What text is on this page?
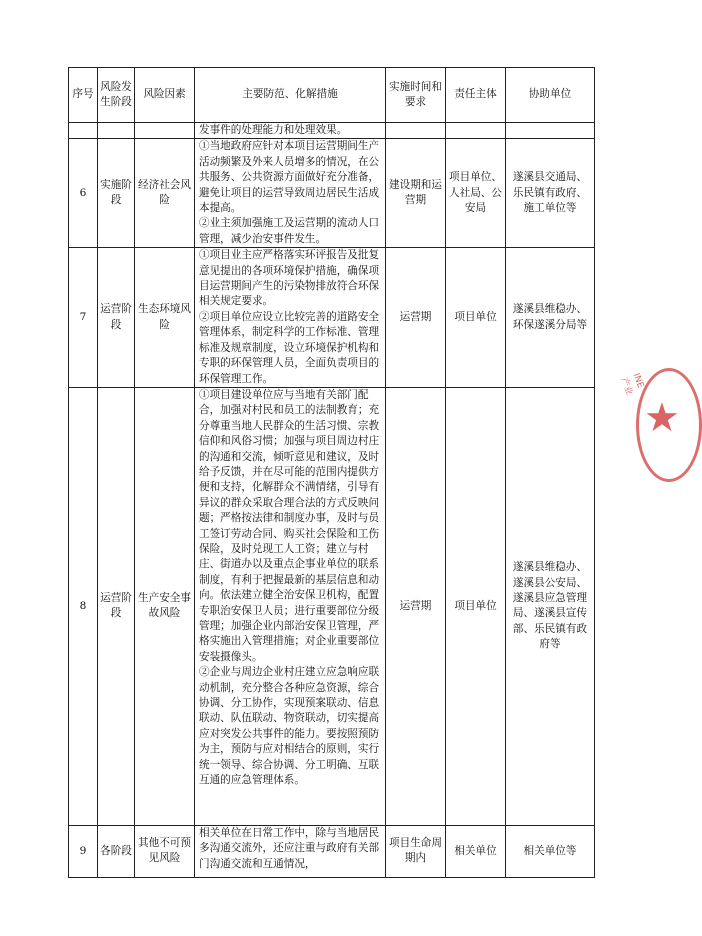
序号	风险发生阶段	风险因素	主要防范、化解措施	实施时间和要求	责任主体	协助单位

			发事件的处理能力和处理效果。			

6	实施阶段	经济社会风险	①当地政府应针对本项目运营期间生产活动频繁及外来人员增多的情况，在公共服务、公共资源方面做好充分准备，避免让项目的运营导致周边居民生活成本提高。

②业主须加强施工及运营期的流动人口管理，减少治安事件发生。	建设期和运营期	项目单位、人社局、公安局	遂溪县交通局、乐民镇有政府、施工单位等
7	运营阶段	生态环境风险	①项目业主应严格落实环评报告及批复意见提出的各项环境保护措施，确保项目运营期间产生的污染物排放符合环保相关规定要求。

②项目单位应设立比较完善的道路安全管理体系，制定科学的工作标准、管理标准及规章制度，设立环境保护机构和专职的环保管理人员，全面负责项目的环保管理工作。	运营期	项目单位	遂溪县维稳办、环保遂溪分局等
8	运营阶段	生产安全事故风险	①项目建设单位应与当地有关部门配合，加强对村民和员工的法制教育；充分尊重当地人民群众的生活习惯、宗教信仰和风俗习惯；加强与项目周边村庄的沟通和交流，倾听意见和建议，及时给予反馈，并在尽可能的范围内提供方便和支持，化解群众不满情绪，引导有异议的群众采取合理合法的方式反映问题；严格按法律和制度办事，及时与员工签订劳动合同、购买社会保险和工伤保险，及时兑现工人工资；建立与村庄、街道办以及重点企事业单位的联系制度，有利于把握最新的基层信息和动向。依法建立健全治安保卫机构，配置专职治安保卫人员；进行重要部位分级管理；加强企业内部治安保卫管理，严格实施出入管理措施；对企业重要部位安装摄像头。

②企业与周边企业村庄建立应急响应联动机制，充分整合各种应急资源，综合协调、分工协作，实现预案联动、信息联动、队伍联动、物资联动，切实提高应对突发公共事件的能力。要按照预防为主，预防与应对相结合的原则，实行统一领导、综合协调、分工明确、互联互通的应急管理体系。	运营期	项目单位	遂溪县维稳办、遂溪县公安局、遂溪县应急管理局、遂溪县宣传部、乐民镇有政府等
9	各阶段	其他不可预见风险	相关单位在日常工作中，除与当地居民多沟通交流外，还应注重与政府有关部门沟通交流和互通情况，	项目生命周期内	相关单位	相关单位等
★
INE 产业
